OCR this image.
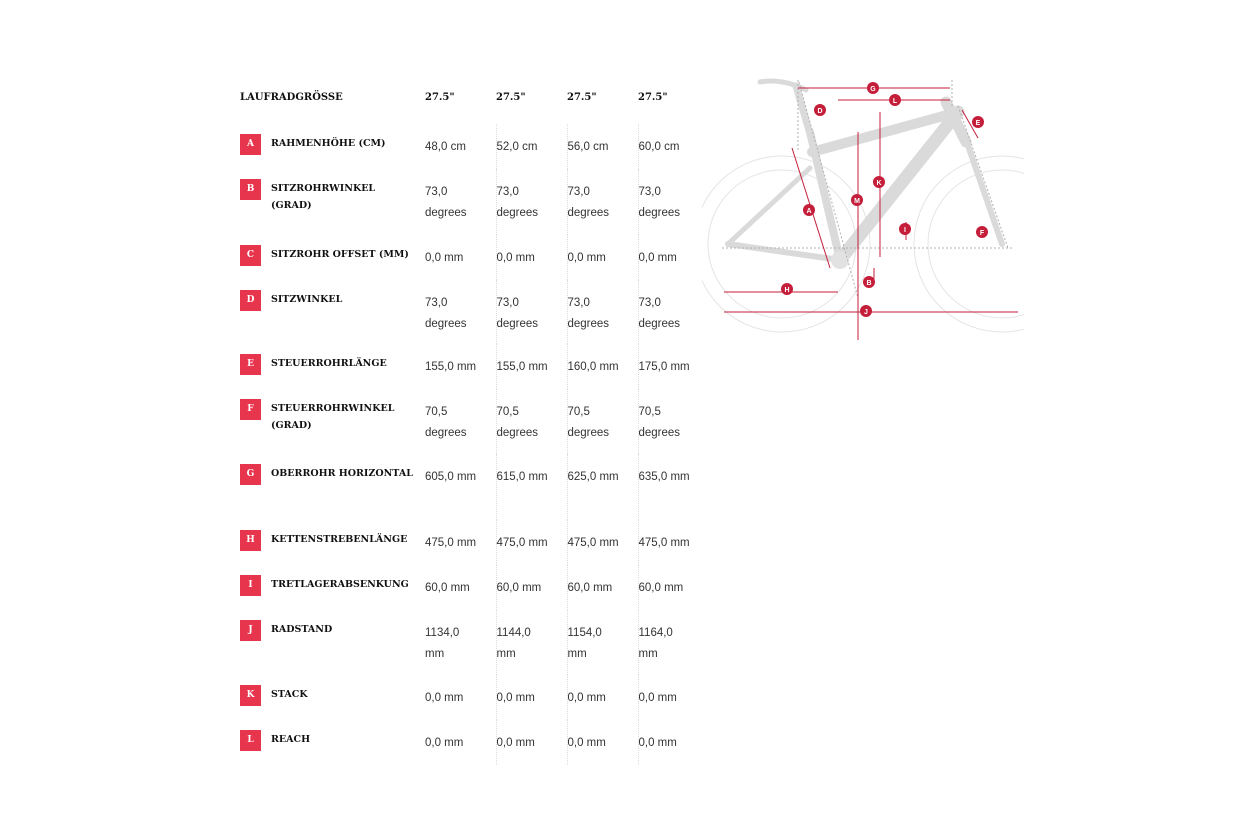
LAUFRADGRÖSSE		27.5"	27.5"	27.5"	27.5"
A	RAHMENHÖHE (CM)	48,0 cm	52,0 cm	56,0 cm	60,0 cm

B	SITZROHRWINKEL (GRAD)	73,0 degrees	73,0 degrees	73,0 degrees	73,0 degrees

C	SITZROHR OFFSET (MM)	0,0 mm	0,0 mm	0,0 mm	0,0 mm

D	SITZWINKEL	73,0 degrees	73,0 degrees	73,0 degrees	73,0 degrees

E	STEUERROHRLÄNGE	155,0 mm	155,0 mm	160,0 mm	175,0 mm

F	STEUERROHRWINKEL (GRAD)	70,5 degrees	70,5 degrees	70,5 degrees	70,5 degrees

G	OBERROHR HORIZONTAL	605,0 mm	615,0 mm	625,0 mm	635,0 mm

H	KETTENSTREBENLÄNGE	475,0 mm	475,0 mm	475,0 mm	475,0 mm

I	TRETLAGERABSENKUNG	60,0 mm	60,0 mm	60,0 mm	60,0 mm

J	RADSTAND	1134,0 mm	1144,0 mm	1154,0 mm	1164,0 mm

K	STACK	0,0 mm	0,0 mm	0,0 mm	0,0 mm

L	REACH	0,0 mm	0,0 mm	0,0 mm	0,0 mm
G
L
D
E
K
M
A
I	F
B
H
J
